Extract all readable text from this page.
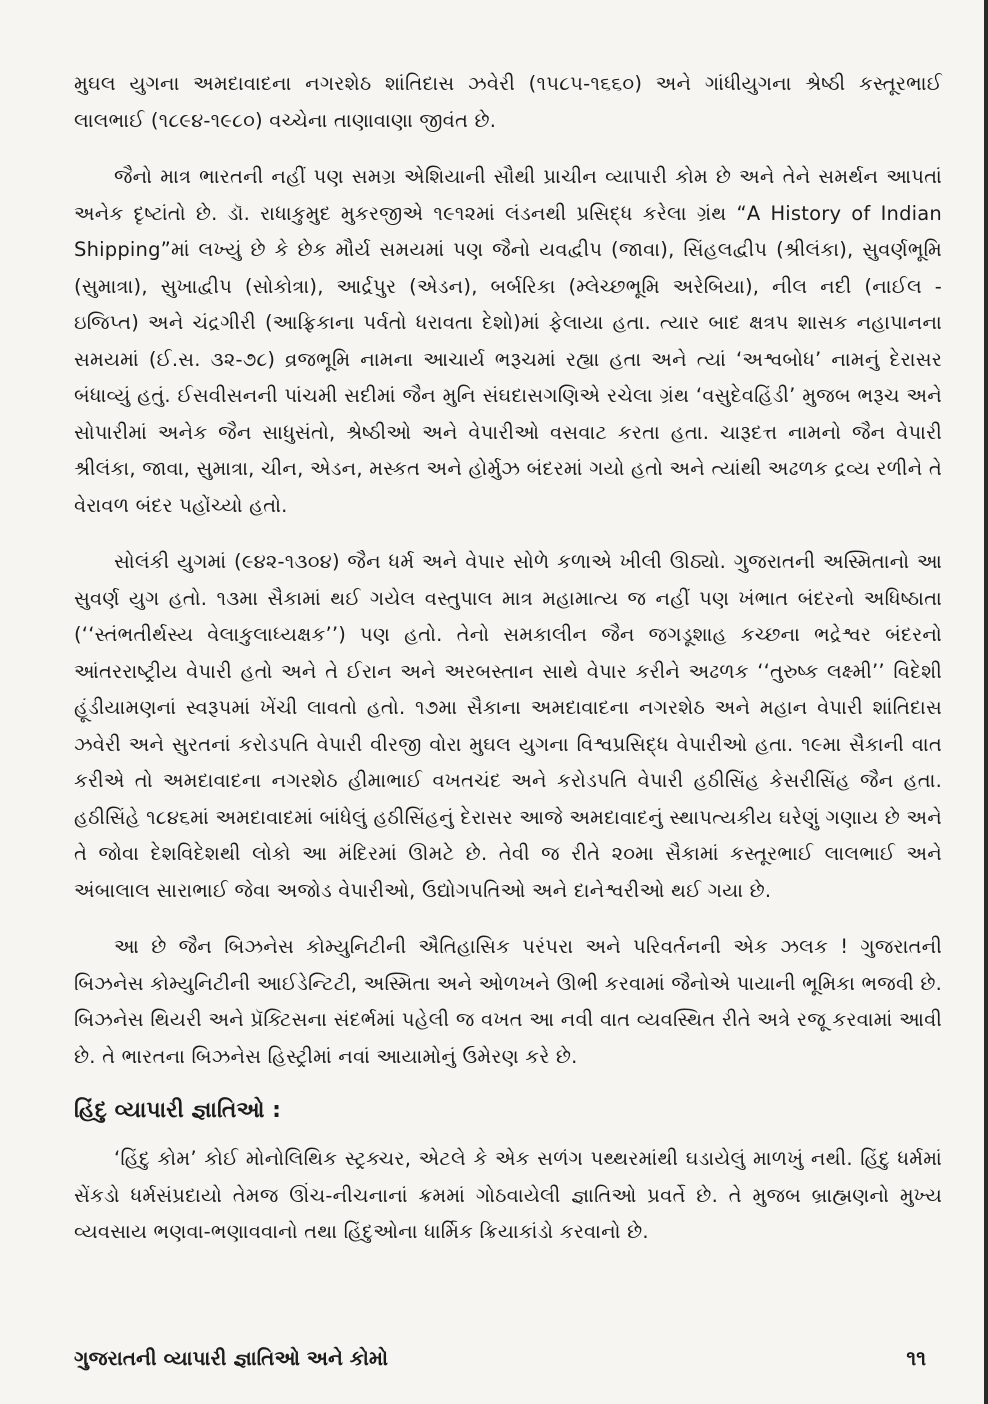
મુઘલ યુગના અમદાવાદના નગરશેઠ શાંતિદાસ ઝવેરી (૧૫૮૫-૧૬૬૦) અને ગાંધીયુગના શ્રેષ્ઠી કસ્તૂરભાઈ લાલભાઈ (૧૮૯૪-૧૯૮૦) વચ્ચેના તાણાવાણા જીવંત છે.

જૈનો માત્ર ભારતની નહીં પણ સમગ્ર એશિયાની સૌથી પ્રાચીન વ્યાપારી કોમ છે અને તેને સમર્થન આપતાં અનેક દૃષ્ટાંતો છે. ડૉ. રાધાકુમુદ મુકરજીએ ૧૯૧૨માં લંડનથી પ્રસિદ્ધ કરેલા ગ્રંથ “A History of Indian Shipping”માં લખ્યું છે કે છેક મૌર્ય સમયમાં પણ જૈનો યવદ્વીપ (જાવા), સિંહલદ્વીપ (શ્રીલંકા), સુવર્ણભૂમિ (સુમાત્રા), સુખાદ્વીપ (સોકોત્રા), આર્દ્રપુર (એડન), બર્બરિકા (મ્લેચ્છભૂમિ અરેબિયા), નીલ નદી (નાઈલ - ઇજિપ્ત) અને ચંદ્રગીરી (આફ્રિકાના પર્વતો ધરાવતા દેશો)માં ફેલાયા હતા. ત્યાર બાદ ક્ષત્રપ શાસક નહાપાનના સમયમાં (ઈ.સ. ૩૨-૭૮) વ્રજભૂમિ નામના આચાર્ય ભરૂચમાં રહ્યા હતા અને ત્યાં ‘અશ્વબોધ’ નામનું દેરાસર બંધાવ્યું હતું. ઈસવીસનની પાંચમી સદીમાં જૈન મુનિ સંઘદાસગણિએ રચેલા ગ્રંથ ‘વસુદેવહિંડી’ મુજબ ભરૂચ અને સોપારીમાં અનેક જૈન સાધુસંતો, શ્રેષ્ઠીઓ અને વેપારીઓ વસવાટ કરતા હતા. ચારૂદત્ત નામનો જૈન વેપારી શ્રીલંકા, જાવા, સુમાત્રા, ચીન, એડન, મસ્કત અને હોર્મુઝ બંદરમાં ગયો હતો અને ત્યાંથી અઢળક દ્રવ્ય રળીને તે વેરાવળ બંદર પહોંચ્યો હતો.

સોલંકી યુગમાં (૯૪૨-૧૩૦૪) જૈન ધર્મ અને વેપાર સોળે કળાએ ખીલી ઊઠ્યો. ગુજરાતની અસ્મિતાનો આ સુવર્ણ યુગ હતો. ૧૩મા સૈકામાં થઈ ગયેલ વસ્તુપાલ માત્ર મહામાત્ય જ નહીં પણ ખંભાત બંદરનો અધિષ્ઠાતા (‘‘સ્તંભતીર્થસ્ય વેલાકુલાધ્યક્ષક’’) પણ હતો. તેનો સમકાલીન જૈન જગડૂશાહ કચ્છના ભદ્રેશ્વર બંદરનો આંતરરાષ્ટ્રીય વેપારી હતો અને તે ઈરાન અને અરબસ્તાન સાથે વેપાર કરીને અઢળક ‘‘તુરુષ્ક લક્ષ્મી’’ વિદેશી હૂંડીયામણનાં સ્વરૂપમાં ખેંચી લાવતો હતો. ૧૭મા સૈકાના અમદાવાદના નગરશેઠ અને મહાન વેપારી શાંતિદાસ ઝવેરી અને સુરતનાં કરોડપતિ વેપારી વીરજી વોરા મુઘલ યુગના વિશ્વપ્રસિદ્ધ વેપારીઓ હતા. ૧૯મા સૈકાની વાત કરીએ તો અમદાવાદના નગરશેઠ હીમાભાઈ વખતચંદ અને કરોડપતિ વેપારી હઠીસિંહ કેસરીસિંહ જૈન હતા. હઠીસિંહે ૧૮૪૬માં અમદાવાદમાં બાંધેલું હઠીસિંહનું દેરાસર આજે અમદાવાદનું સ્થાપત્યકીય ઘરેણું ગણાય છે અને તે જોવા દેશવિદેશથી લોકો આ મંદિરમાં ઊમટે છે. તેવી જ રીતે ૨૦મા સૈકામાં કસ્તૂરભાઈ લાલભાઈ અને અંબાલાલ સારાભાઈ જેવા અજોડ વેપારીઓ, ઉદ્યોગપતિઓ અને દાનેશ્વરીઓ થઈ ગયા છે.

આ છે જૈન બિઝનેસ કોમ્યુનિટીની ઐતિહાસિક પરંપરા અને પરિવર્તનની એક ઝલક ! ગુજરાતની બિઝનેસ કોમ્યુનિટીની આઈડેન્ટિટી, અસ્મિતા અને ઓળખને ઊભી કરવામાં જૈનોએ પાયાની ભૂમિકા ભજવી છે. બિઝનેસ થિયરી અને પ્રૅક્ટિસના સંદર્ભમાં પહેલી જ વખત આ નવી વાત વ્યવસ્થિત રીતે અત્રે રજૂ કરવામાં આવી છે. તે ભારતના બિઝનેસ હિસ્ટ્રીમાં નવાં આયામોનું ઉમેરણ કરે છે.

હિંદુ વ્યાપારી જ્ઞાતિઓ :

‘હિંદુ કોમ’ કોઈ મોનોલિથિક સ્ટ્રક્ચર, એટલે કે એક સળંગ પથ્થરમાંથી ઘડાયેલું માળખું નથી. હિંદુ ધર્મમાં સેંકડો ધર્મસંપ્રદાયો તેમજ ઊંચ-નીચનાનાં ક્રમમાં ગોઠવાયેલી જ્ઞાતિઓ પ્રવર્તે છે. તે મુજબ બ્રાહ્મણનો મુખ્ય વ્યવસાય ભણવા-ભણાવવાનો તથા હિંદુઓના ધાર્મિક ક્રિયાકાંડો કરવાનો છે.

ગુજરાતની વ્યાપારી જ્ઞાતિઓ અને કોમો	૧૧
